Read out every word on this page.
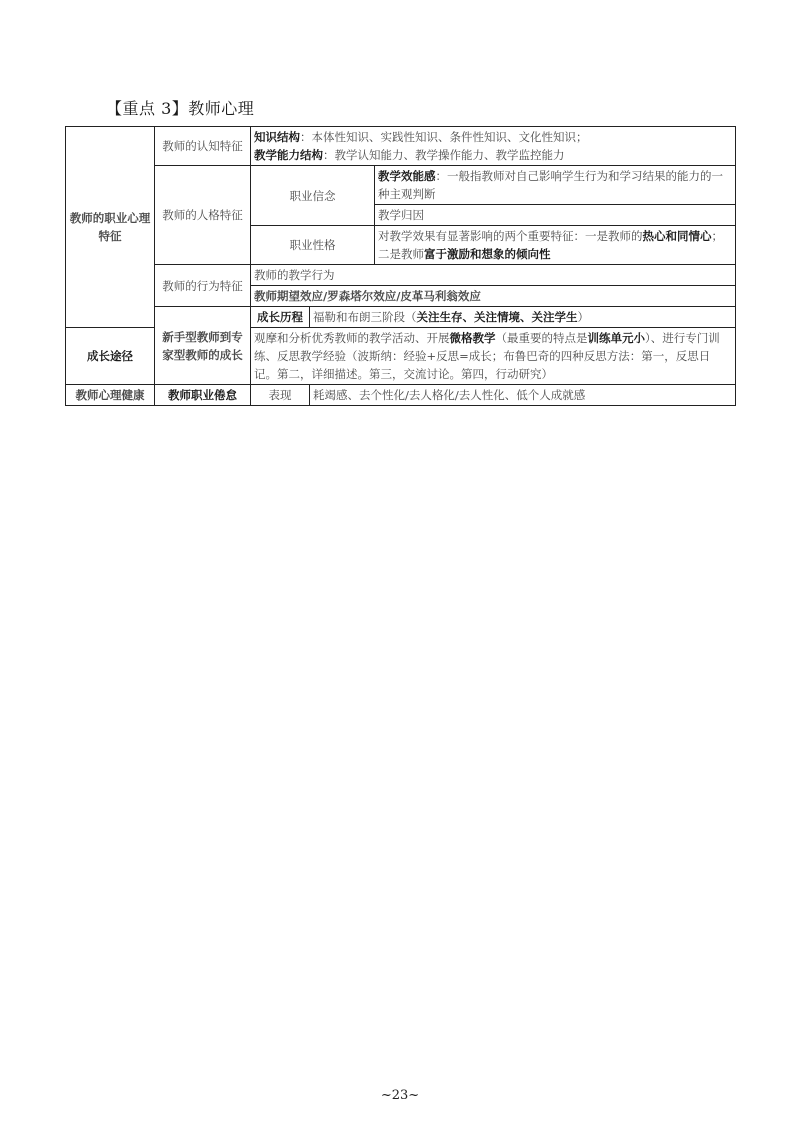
【重点 3】教师心理
教师的职业心理特征	教师的认知特征	知识结构：本体性知识、实践性知识、条件性知识、文化性知识；
教学能力结构：教学认知能力、教学操作能力、教学监控能力		

	教师的人格特征	职业信念		教学效能感：一般指教师对自己影响学生行为和学习结果的能力的一种主观判断
				教学归因
		职业性格		对教学效果有显著影响的两个重要特征：一是教师的热心和同情心；二是教师富于激励和想象的倾向性
	教师的行为特征	教师的教学行为		
		教师期望效应/罗森塔尔效应/皮革马利翁效应		
	新手型教师到专家型教师的成长	成长历程	福勒和布朗三阶段（关注生存、关注情境、关注学生）	
成长途径		观摩和分析优秀教师的教学活动、开展微格教学（最重要的特点是训练单元小）、进行专门训练、反思教学经验（波斯纳：经验+反思=成长；布鲁巴奇的四种反思方法：第一，反思日记。第二，详细描述。第三，交流讨论。第四，行动研究）		
教师心理健康	教师职业倦怠	表现	耗竭感、去个性化/去人格化/去人性化、低个人成就感	
~23~
